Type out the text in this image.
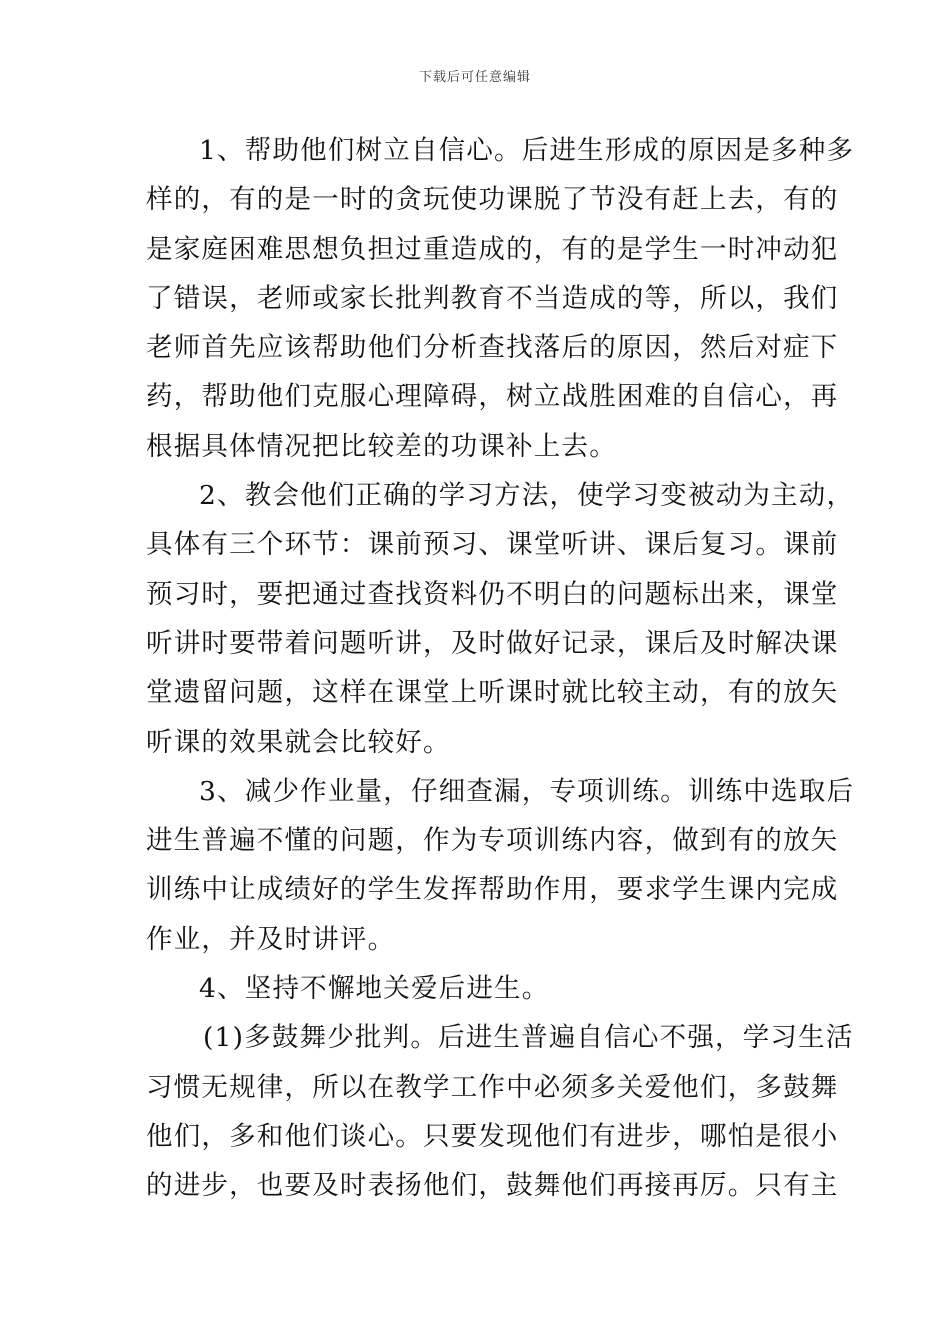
下载后可任意编辑
1、帮助他们树立自信心。后进生形成的原因是多种多
样的，有的是一时的贪玩使功课脱了节没有赶上去，有的
是家庭困难思想负担过重造成的，有的是学生一时冲动犯
了错误，老师或家长批判教育不当造成的等，所以，我们
老师首先应该帮助他们分析查找落后的原因，然后对症下
药，帮助他们克服心理障碍，树立战胜困难的自信心，再
根据具体情况把比较差的功课补上去。
2、教会他们正确的学习方法，使学习变被动为主动，
具体有三个环节：课前预习、课堂听讲、课后复习。课前
预习时，要把通过查找资料仍不明白的问题标出来，课堂
听讲时要带着问题听讲，及时做好记录，课后及时解决课
堂遗留问题，这样在课堂上听课时就比较主动，有的放矢
听课的效果就会比较好。
3、减少作业量，仔细查漏，专项训练。训练中选取后
进生普遍不懂的问题，作为专项训练内容，做到有的放矢
训练中让成绩好的学生发挥帮助作用，要求学生课内完成
作业，并及时讲评。
4、坚持不懈地关爱后进生。
(1)多鼓舞少批判。后进生普遍自信心不强，学习生活
习惯无规律，所以在教学工作中必须多关爱他们，多鼓舞
他们，多和他们谈心。只要发现他们有进步，哪怕是很小
的进步，也要及时表扬他们，鼓舞他们再接再厉。只有主
